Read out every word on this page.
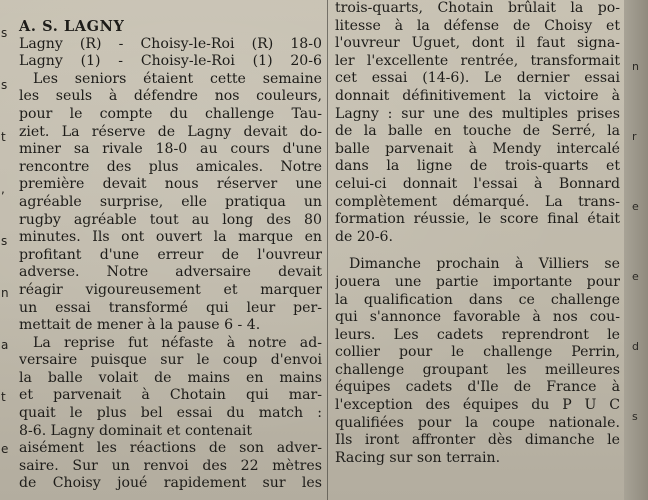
s
s
t
,
s
n
a
t
e
A. S. LAGNY
Lagny (R) - Choisy-le-Roi (R) 18-0
Lagny (1) - Choisy-le-Roi (1) 20-6
Les seniors étaient cette semaine
les seuls à défendre nos couleurs,
pour le compte du challenge Tau-
ziet. La réserve de Lagny devait do-
miner sa rivale 18-0 au cours d'une
rencontre des plus amicales. Notre
première devait nous réserver une
agréable surprise, elle pratiqua un
rugby agréable tout au long des 80
minutes. Ils ont ouvert la marque en
profitant d'une erreur de l'ouvreur
adverse. Notre adversaire devait
réagir vigoureusement et marquer
un essai transformé qui leur per-
mettait de mener à la pause 6 - 4.
La reprise fut néfaste à notre ad-
versaire puisque sur le coup d'envoi
la balle volait de mains en mains
et parvenait à Chotain qui mar-
quait le plus bel essai du match :
8-6. Lagny dominait et contenait
aisément les réactions de son adver-
saire. Sur un renvoi des 22 mètres
de Choisy joué rapidement sur les
trois-quarts, Chotain brûlait la po-
litesse à la défense de Choisy et
l'ouvreur Uguet, dont il faut signa-
ler l'excellente rentrée, transformait
cet essai (14-6). Le dernier essai
donnait définitivement la victoire à
Lagny : sur une des multiples prises
de la balle en touche de Serré, la
balle parvenait à Mendy intercalé
dans la ligne de trois-quarts et
celui-ci donnait l'essai à Bonnard
complètement démarqué. La trans-
formation réussie, le score final était
de 20-6.
Dimanche prochain à Villiers se
jouera une partie importante pour
la qualification dans ce challenge
qui s'annonce favorable à nos cou-
leurs. Les cadets reprendront le
collier pour le challenge Perrin,
challenge groupant les meilleures
équipes cadets d'Ile de France à
l'exception des équipes du P U C
qualifiées pour la coupe nationale.
Ils iront affronter dès dimanche le
Racing sur son terrain.
n
r
e
e
d
s
